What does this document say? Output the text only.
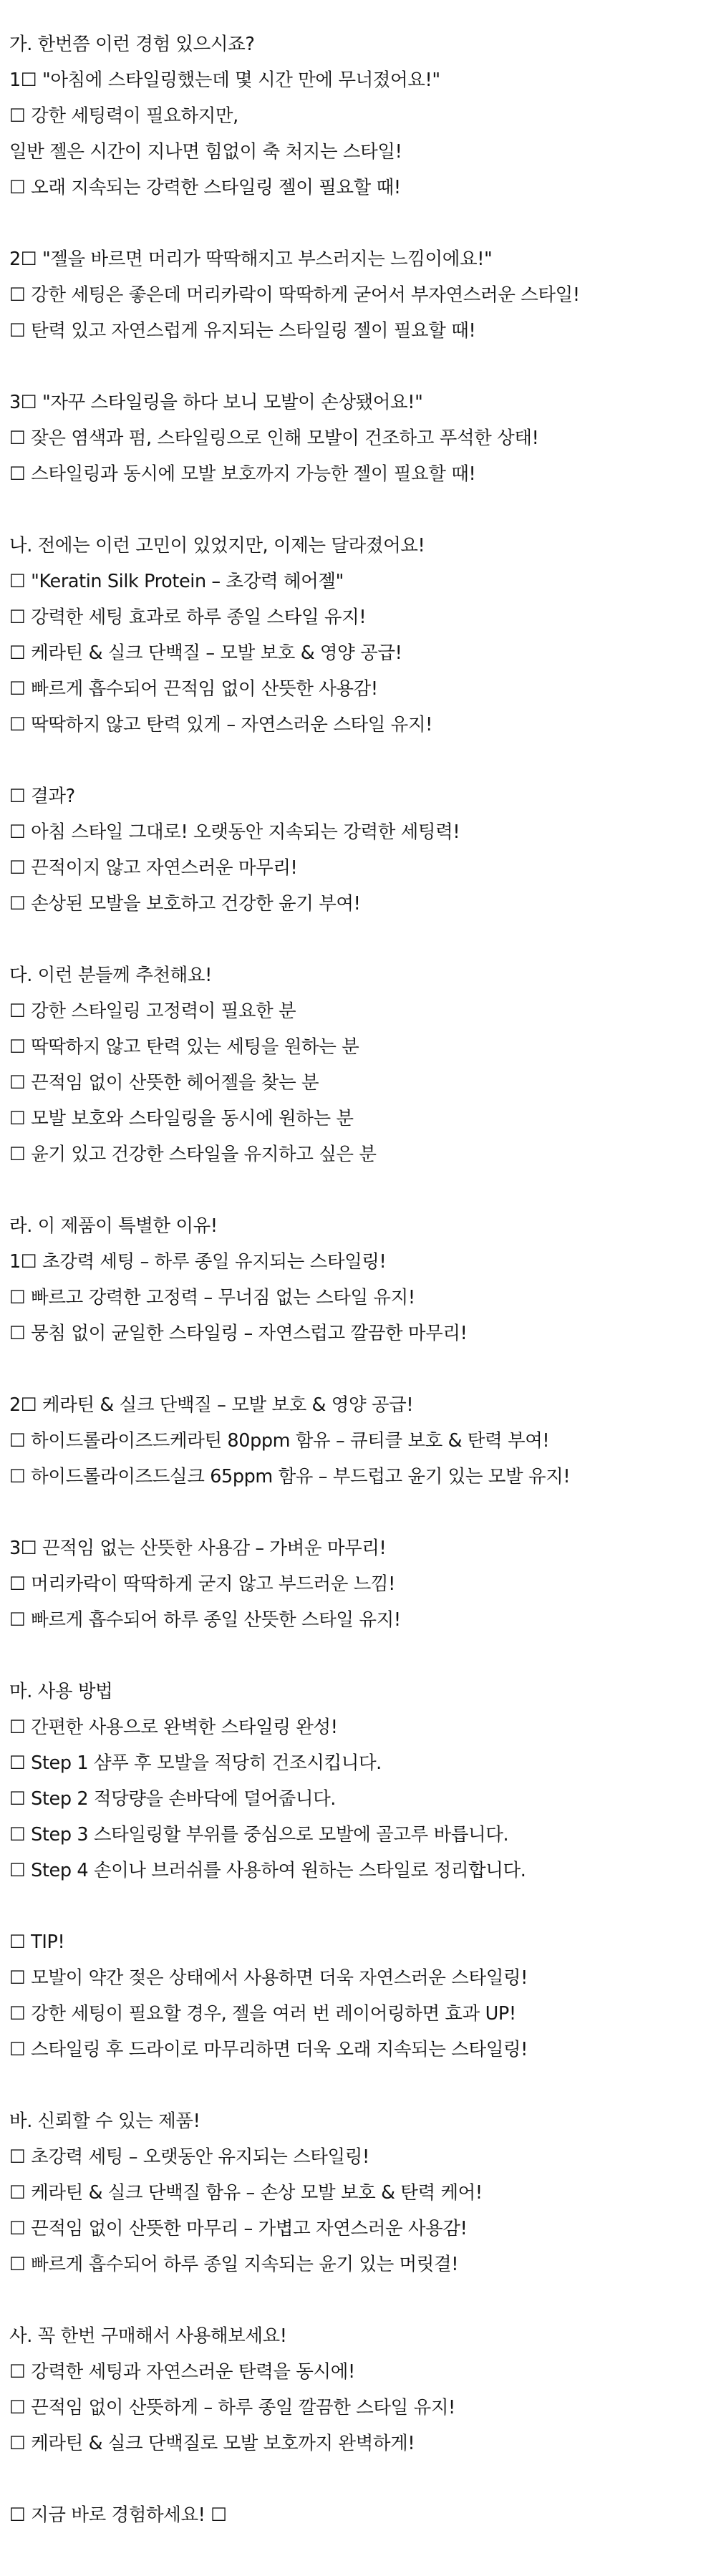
가. 한번쯤 이런 경험 있으시죠?
1☐ "아침에 스타일링했는데 몇 시간 만에 무너졌어요!"
☐ 강한 세팅력이 필요하지만,
일반 젤은 시간이 지나면 힘없이 축 처지는 스타일!
☐ 오래 지속되는 강력한 스타일링 젤이 필요할 때!
2☐ "젤을 바르면 머리가 딱딱해지고 부스러지는 느낌이에요!"
☐ 강한 세팅은 좋은데 머리카락이 딱딱하게 굳어서 부자연스러운 스타일!
☐ 탄력 있고 자연스럽게 유지되는 스타일링 젤이 필요할 때!
3☐ "자꾸 스타일링을 하다 보니 모발이 손상됐어요!"
☐ 잦은 염색과 펌, 스타일링으로 인해 모발이 건조하고 푸석한 상태!
☐ 스타일링과 동시에 모발 보호까지 가능한 젤이 필요할 때!
나. 전에는 이런 고민이 있었지만, 이제는 달라졌어요!
☐ "Keratin Silk Protein – 초강력 헤어젤"
☐ 강력한 세팅 효과로 하루 종일 스타일 유지!
☐ 케라틴 & 실크 단백질 – 모발 보호 & 영양 공급!
☐ 빠르게 흡수되어 끈적임 없이 산뜻한 사용감!
☐ 딱딱하지 않고 탄력 있게 – 자연스러운 스타일 유지!
☐ 결과?
☐ 아침 스타일 그대로! 오랫동안 지속되는 강력한 세팅력!
☐ 끈적이지 않고 자연스러운 마무리!
☐ 손상된 모발을 보호하고 건강한 윤기 부여!
다. 이런 분들께 추천해요!
☐ 강한 스타일링 고정력이 필요한 분
☐ 딱딱하지 않고 탄력 있는 세팅을 원하는 분
☐ 끈적임 없이 산뜻한 헤어젤을 찾는 분
☐ 모발 보호와 스타일링을 동시에 원하는 분
☐ 윤기 있고 건강한 스타일을 유지하고 싶은 분
라. 이 제품이 특별한 이유!
1☐ 초강력 세팅 – 하루 종일 유지되는 스타일링!
☐ 빠르고 강력한 고정력 – 무너짐 없는 스타일 유지!
☐ 뭉침 없이 균일한 스타일링 – 자연스럽고 깔끔한 마무리!
2☐ 케라틴 & 실크 단백질 – 모발 보호 & 영양 공급!
☐ 하이드롤라이즈드케라틴 80ppm 함유 – 큐티클 보호 & 탄력 부여!
☐ 하이드롤라이즈드실크 65ppm 함유 – 부드럽고 윤기 있는 모발 유지!
3☐ 끈적임 없는 산뜻한 사용감 – 가벼운 마무리!
☐ 머리카락이 딱딱하게 굳지 않고 부드러운 느낌!
☐ 빠르게 흡수되어 하루 종일 산뜻한 스타일 유지!
마. 사용 방법
☐ 간편한 사용으로 완벽한 스타일링 완성!
☐ Step 1 샴푸 후 모발을 적당히 건조시킵니다.
☐ Step 2 적당량을 손바닥에 덜어줍니다.
☐ Step 3 스타일링할 부위를 중심으로 모발에 골고루 바릅니다.
☐ Step 4 손이나 브러쉬를 사용하여 원하는 스타일로 정리합니다.
☐ TIP!
☐ 모발이 약간 젖은 상태에서 사용하면 더욱 자연스러운 스타일링!
☐ 강한 세팅이 필요할 경우, 젤을 여러 번 레이어링하면 효과 UP!
☐ 스타일링 후 드라이로 마무리하면 더욱 오래 지속되는 스타일링!
바. 신뢰할 수 있는 제품!
☐ 초강력 세팅 – 오랫동안 유지되는 스타일링!
☐ 케라틴 & 실크 단백질 함유 – 손상 모발 보호 & 탄력 케어!
☐ 끈적임 없이 산뜻한 마무리 – 가볍고 자연스러운 사용감!
☐ 빠르게 흡수되어 하루 종일 지속되는 윤기 있는 머릿결!
사. 꼭 한번 구매해서 사용해보세요!
☐ 강력한 세팅과 자연스러운 탄력을 동시에!
☐ 끈적임 없이 산뜻하게 – 하루 종일 깔끔한 스타일 유지!
☐ 케라틴 & 실크 단백질로 모발 보호까지 완벽하게!
☐ 지금 바로 경험하세요! ☐
